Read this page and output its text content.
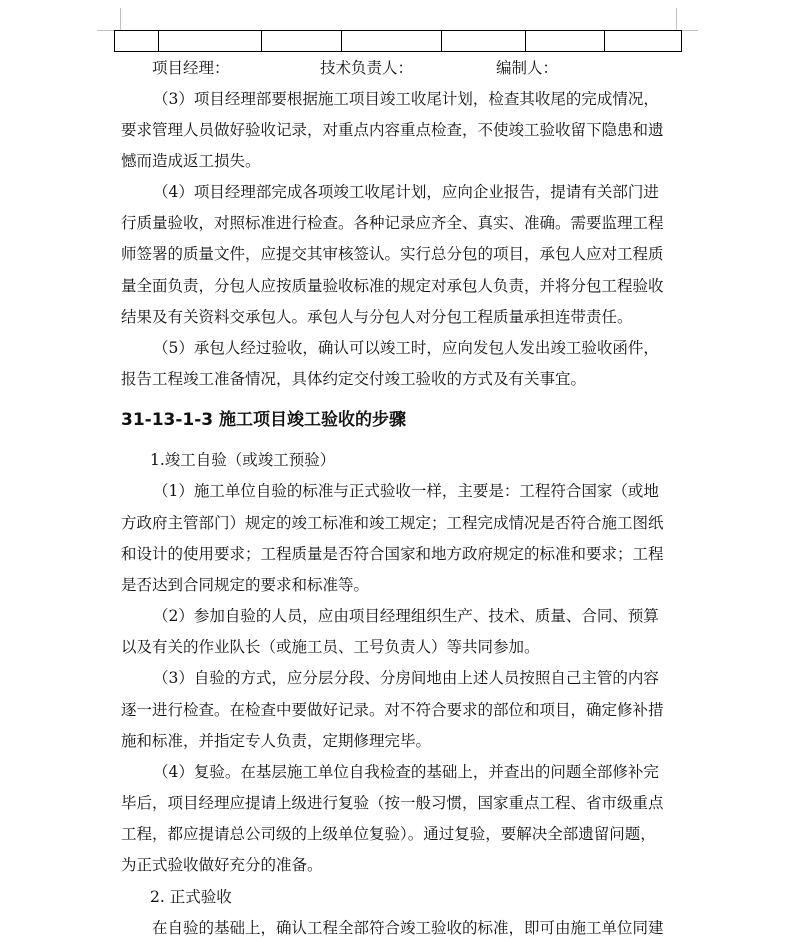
项目经理：	技术负责人：	编制人：
（3）项目经理部要根据施工项目竣工收尾计划，检查其收尾的完成情况，
要求管理人员做好验收记录，对重点内容重点检查，不使竣工验收留下隐患和遗
憾而造成返工损失。
（4）项目经理部完成各项竣工收尾计划，应向企业报告，提请有关部门进
行质量验收，对照标准进行检查。各种记录应齐全、真实、准确。需要监理工程
师签署的质量文件，应提交其审核签认。实行总分包的项目，承包人应对工程质
量全面负责，分包人应按质量验收标准的规定对承包人负责，并将分包工程验收
结果及有关资料交承包人。承包人与分包人对分包工程质量承担连带责任。
（5）承包人经过验收，确认可以竣工时，应向发包人发出竣工验收函件，
报告工程竣工准备情况，具体约定交付竣工验收的方式及有关事宜。
31-13-1-3 施工项目竣工验收的步骤
1.竣工自验（或竣工预验）
（1）施工单位自验的标准与正式验收一样，主要是：工程符合国家（或地
方政府主管部门）规定的竣工标准和竣工规定；工程完成情况是否符合施工图纸
和设计的使用要求；工程质量是否符合国家和地方政府规定的标准和要求；工程
是否达到合同规定的要求和标准等。
（2）参加自验的人员，应由项目经理组织生产、技术、质量、合同、预算
以及有关的作业队长（或施工员、工号负责人）等共同参加。
（3）自验的方式，应分层分段、分房间地由上述人员按照自己主管的内容
逐一进行检查。在检查中要做好记录。对不符合要求的部位和项目，确定修补措
施和标准，并指定专人负责，定期修理完毕。
（4）复验。在基层施工单位自我检查的基础上，并查出的问题全部修补完
毕后，项目经理应提请上级进行复验（按一般习惯，国家重点工程、省市级重点
工程，都应提请总公司级的上级单位复验）。通过复验，要解决全部遗留问题，
为正式验收做好充分的准备。
2. 正式验收
在自验的基础上，确认工程全部符合竣工验收的标准，即可由施工单位同建
